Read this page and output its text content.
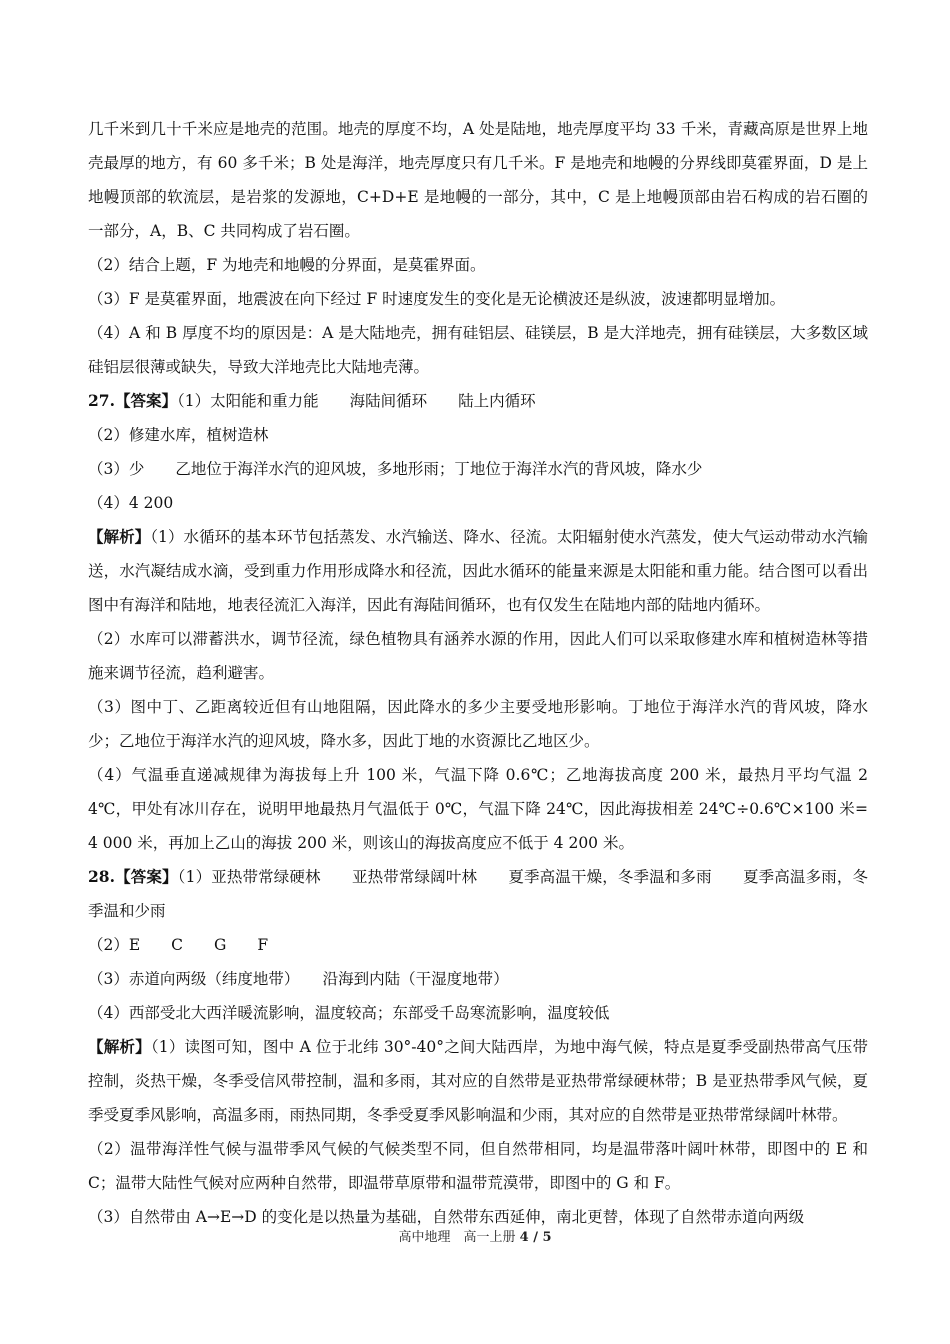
几千米到几十千米应是地壳的范围。地壳的厚度不均，A 处是陆地，地壳厚度平均 33 千米，青藏高原是世界上地壳最厚的地方，有 60 多千米；B 处是海洋，地壳厚度只有几千米。F 是地壳和地幔的分界线即莫霍界面，D 是上地幔顶部的软流层，是岩浆的发源地，C+D+E 是地幔的一部分，其中，C 是上地幔顶部由岩石构成的岩石圈的一部分，A，B、C 共同构成了岩石圈。

（2）结合上题，F 为地壳和地幔的分界面，是莫霍界面。

（3）F 是莫霍界面，地震波在向下经过 F 时速度发生的变化是无论横波还是纵波，波速都明显增加。

（4）A 和 B 厚度不均的原因是：A 是大陆地壳，拥有硅铝层、硅镁层，B 是大洋地壳，拥有硅镁层，大多数区域硅铝层很薄或缺失，导致大洋地壳比大陆地壳薄。

27.【答案】（1）太阳能和重力能　　海陆间循环　　陆上内循环

（2）修建水库，植树造林

（3）少　　乙地位于海洋水汽的迎风坡，多地形雨；丁地位于海洋水汽的背风坡，降水少

（4）4 200

【解析】（1）水循环的基本环节包括蒸发、水汽输送、降水、径流。太阳辐射使水汽蒸发，使大气运动带动水汽输送，水汽凝结成水滴，受到重力作用形成降水和径流，因此水循环的能量来源是太阳能和重力能。结合图可以看出图中有海洋和陆地，地表径流汇入海洋，因此有海陆间循环，也有仅发生在陆地内部的陆地内循环。

（2）水库可以滞蓄洪水，调节径流，绿色植物具有涵养水源的作用，因此人们可以采取修建水库和植树造林等措施来调节径流，趋利避害。

（3）图中丁、乙距离较近但有山地阻隔，因此降水的多少主要受地形影响。丁地位于海洋水汽的背风坡，降水少；乙地位于海洋水汽的迎风坡，降水多，因此丁地的水资源比乙地区少。

（4）气温垂直递减规律为海拔每上升 100 米，气温下降 0.6℃；乙地海拔高度 200 米，最热月平均气温 24℃，甲处有冰川存在，说明甲地最热月气温低于 0℃，气温下降 24℃，因此海拔相差 24℃÷0.6℃×100 米=4 000 米，再加上乙山的海拔 200 米，则该山的海拔高度应不低于 4 200 米。

28.【答案】（1）亚热带常绿硬林　　亚热带常绿阔叶林　　夏季高温干燥，冬季温和多雨　　夏季高温多雨，冬季温和少雨

（2）E　　C　　G　　F

（3）赤道向两级（纬度地带）　　沿海到内陆（干湿度地带）

（4）西部受北大西洋暖流影响，温度较高；东部受千岛寒流影响，温度较低

【解析】（1）读图可知，图中 A 位于北纬 30°-40°之间大陆西岸，为地中海气候，特点是夏季受副热带高气压带控制，炎热干燥，冬季受信风带控制，温和多雨，其对应的自然带是亚热带常绿硬林带；B 是亚热带季风气候，夏季受夏季风影响，高温多雨，雨热同期，冬季受夏季风影响温和少雨，其对应的自然带是亚热带常绿阔叶林带。

（2）温带海洋性气候与温带季风气候的气候类型不同，但自然带相同，均是温带落叶阔叶林带，即图中的 E 和 C；温带大陆性气候对应两种自然带，即温带草原带和温带荒漠带，即图中的 G 和 F。

（3）自然带由 A→E→D 的变化是以热量为基础，自然带东西延伸，南北更替，体现了自然带赤道向两级

高中地理　高一上册 4 / 5
